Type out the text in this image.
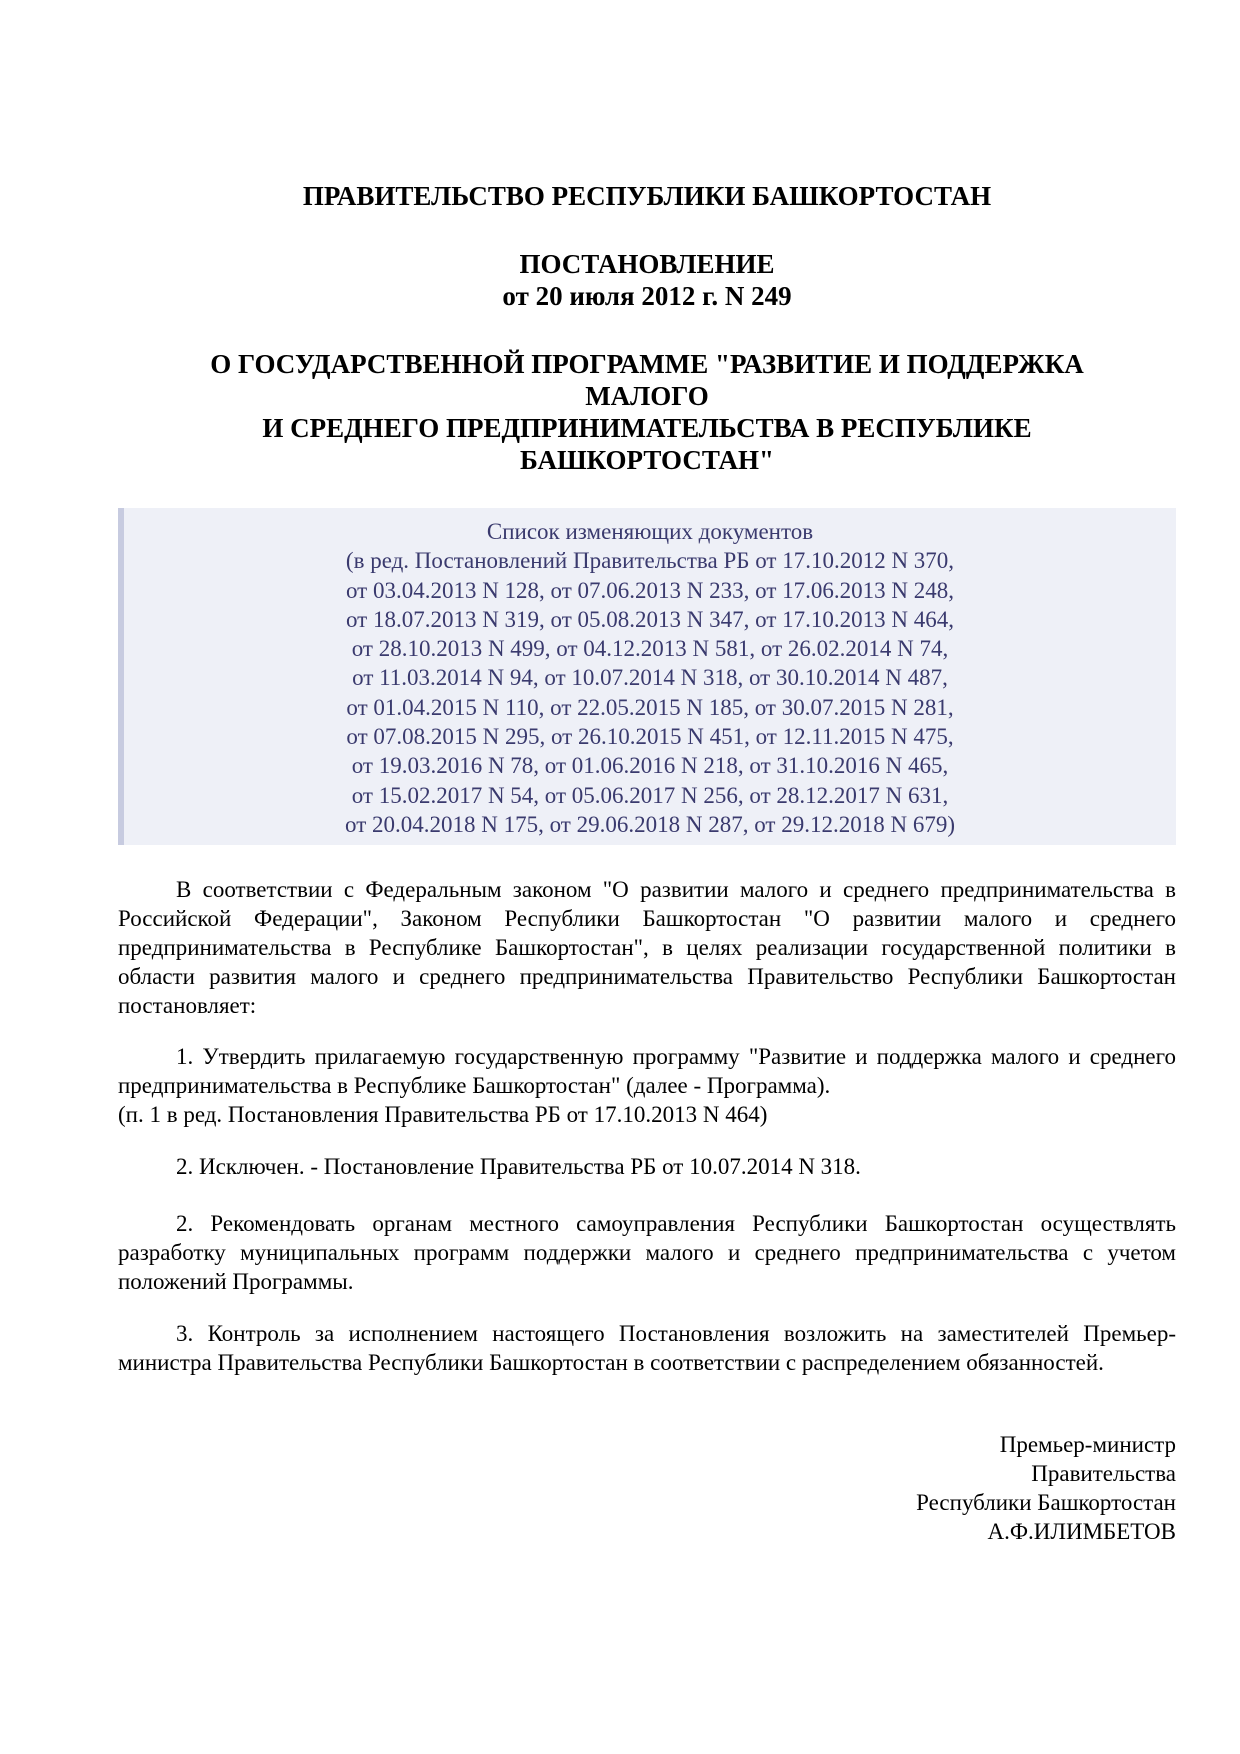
ПРАВИТЕЛЬСТВО РЕСПУБЛИКИ БАШКОРТОСТАН
ПОСТАНОВЛЕНИЕ
от 20 июля 2012 г. N 249
О ГОСУДАРСТВЕННОЙ ПРОГРАММЕ "РАЗВИТИЕ И ПОДДЕРЖКА
МАЛОГО
И СРЕДНЕГО ПРЕДПРИНИМАТЕЛЬСТВА В РЕСПУБЛИКЕ
БАШКОРТОСТАН"
Список изменяющих документов
(в ред. Постановлений Правительства РБ от 17.10.2012 N 370,
от 03.04.2013 N 128, от 07.06.2013 N 233, от 17.06.2013 N 248,
от 18.07.2013 N 319, от 05.08.2013 N 347, от 17.10.2013 N 464,
от 28.10.2013 N 499, от 04.12.2013 N 581, от 26.02.2014 N 74,
от 11.03.2014 N 94, от 10.07.2014 N 318, от 30.10.2014 N 487,
от 01.04.2015 N 110, от 22.05.2015 N 185, от 30.07.2015 N 281,
от 07.08.2015 N 295, от 26.10.2015 N 451, от 12.11.2015 N 475,
от 19.03.2016 N 78, от 01.06.2016 N 218, от 31.10.2016 N 465,
от 15.02.2017 N 54, от 05.06.2017 N 256, от 28.12.2017 N 631,
от 20.04.2018 N 175, от 29.06.2018 N 287, от 29.12.2018 N 679)

В соответствии с Федеральным законом "О развитии малого и среднего предпринимательства в Российской Федерации", Законом Республики Башкортостан "О развитии малого и среднего предпринимательства в Республике Башкортостан", в целях реализации государственной политики в области развития малого и среднего предпринимательства Правительство Республики Башкортостан постановляет:

1. Утвердить прилагаемую государственную программу "Развитие и поддержка малого и среднего предпринимательства в Республике Башкортостан" (далее - Программа).
(п. 1 в ред. Постановления Правительства РБ от 17.10.2013 N 464)

2. Исключен. - Постановление Правительства РБ от 10.07.2014 N 318.

2. Рекомендовать органам местного самоуправления Республики Башкортостан осуществлять разработку муниципальных программ поддержки малого и среднего предпринимательства с учетом положений Программы.

3. Контроль за исполнением настоящего Постановления возложить на заместителей Премьер-министра Правительства Республики Башкортостан в соответствии с распределением обязанностей.

Премьер-министр
Правительства
Республики Башкортостан
А.Ф.ИЛИМБЕТОВ
